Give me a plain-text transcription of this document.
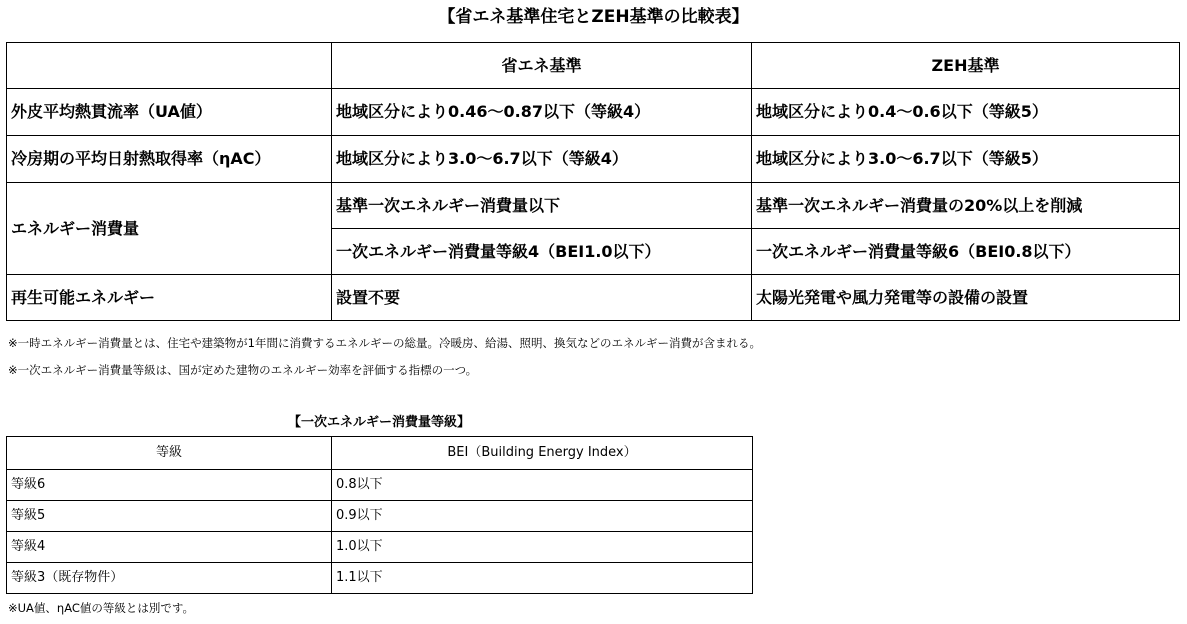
【省エネ基準住宅とZEH基準の比較表】
	省エネ基準	ZEH基準
外皮平均熱貫流率（UA値）	地域区分により0.46～0.87以下（等級4）	地域区分により0.4～0.6以下（等級5）
冷房期の平均日射熱取得率（ηAC）	地域区分により3.0～6.7以下（等級4）	地域区分により3.0～6.7以下（等級5）
エネルギー消費量	基準一次エネルギー消費量以下	基準一次エネルギー消費量の20%以上を削減
	一次エネルギー消費量等級4（BEI1.0以下）	一次エネルギー消費量等級6（BEI0.8以下）
再生可能エネルギー	設置不要	太陽光発電や風力発電等の設備の設置
※一時エネルギー消費量とは、住宅や建築物が1年間に消費するエネルギーの総量。冷暖房、給湯、照明、換気などのエネルギー消費が含まれる。
※一次エネルギー消費量等級は、国が定めた建物のエネルギー効率を評価する指標の一つ。
【一次エネルギー消費量等級】
等級	BEI（Building Energy Index）
等級6	0.8以下
等級5	0.9以下
等級4	1.0以下
等級3（既存物件）	1.1以下
※UA値、ηAC値の等級とは別です。
